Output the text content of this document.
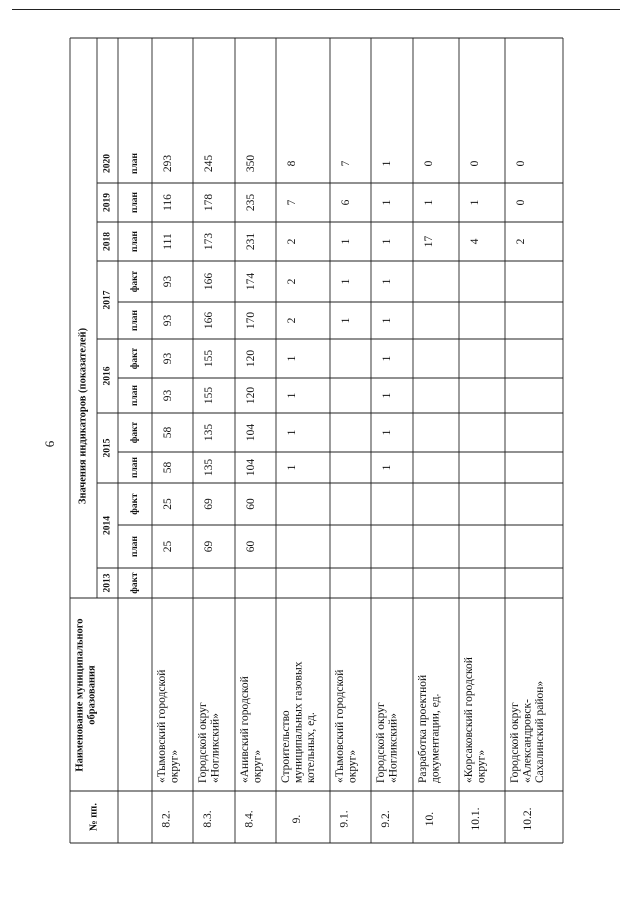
6
№ пп.
Наименование муниципального образования
Значения индикаторов (показателей)
2013
2014
2015
2016
2017
2018
2019
2020
факт
план
факт
план
факт
план
факт
план
факт
план
план
план
8.2.
«Тымовский городской округ»
25
25
58
58
93
93
93
93
111
116
293
8.3.
Городской округ «Ногликский»
69
69
135
135
155
155
166
166
173
178
245
8.4.
«Анивский городской округ»
60
60
104
104
120
120
170
174
231
235
350
9.
Строительство муниципальных газовых котельных, ед.
1
1
1
1
2
2
2
7
8
9.1.
«Тымовский городской округ»
1
1
1
6
7
9.2.
Городской округ «Ногликский»
1
1
1
1
1
1
1
1
1
10.
Разработка проектной документации, ед.
17
1
0
10.1.
«Корсаковский городской округ»
4
1
0
10.2.
Городской округ «Александровск- Сахалинский район»
2
0
0
